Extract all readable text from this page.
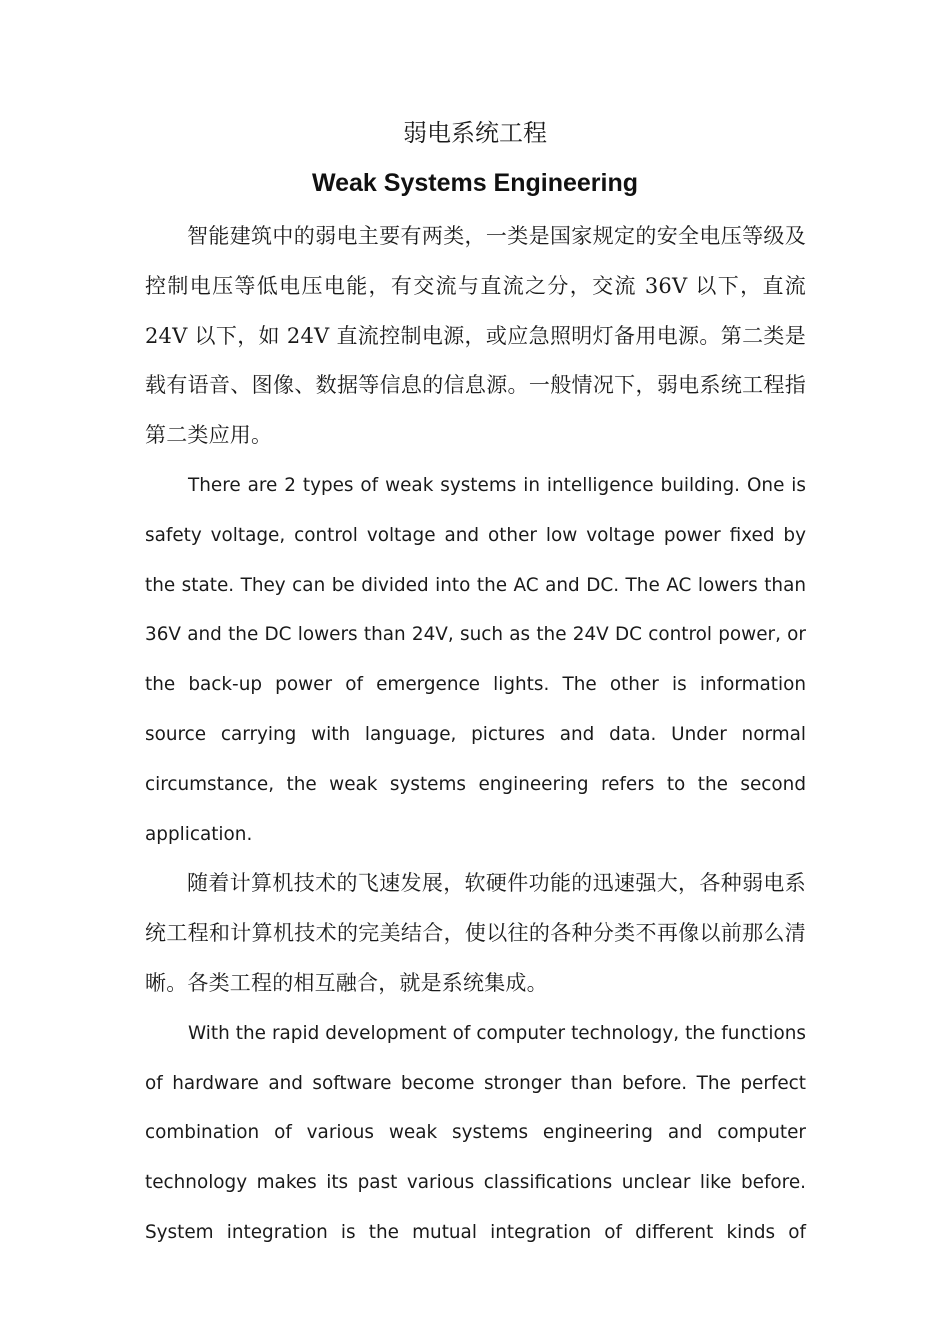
弱电系统工程
Weak Systems Engineering

智能建筑中的弱电主要有两类，一类是国家规定的安全电压等级及控制电压等低电压电能，有交流与直流之分，交流 36V 以下，直流 24V 以下，如 24V 直流控制电源，或应急照明灯备用电源。第二类是载有语音、图像、数据等信息的信息源。一般情况下，弱电系统工程指第二类应用。

There are 2 types of weak systems in intelligence building. One is safety voltage, control voltage and other low voltage power fixed by the state. They can be divided into the AC and DC. The AC lowers than 36V and the DC lowers than 24V, such as the 24V DC control power, or the back-up power of emergence lights. The other is information source carrying with language, pictures and data. Under normal circumstance, the weak systems engineering refers to the second application.

随着计算机技术的飞速发展，软硬件功能的迅速强大，各种弱电系统工程和计算机技术的完美结合，使以往的各种分类不再像以前那么清晰。各类工程的相互融合，就是系统集成。

With the rapid development of computer technology, the functions of hardware and software become stronger than before. The perfect combination of various weak systems engineering and computer technology makes its past various classifications unclear like before. System integration is the mutual integration of different kinds of
